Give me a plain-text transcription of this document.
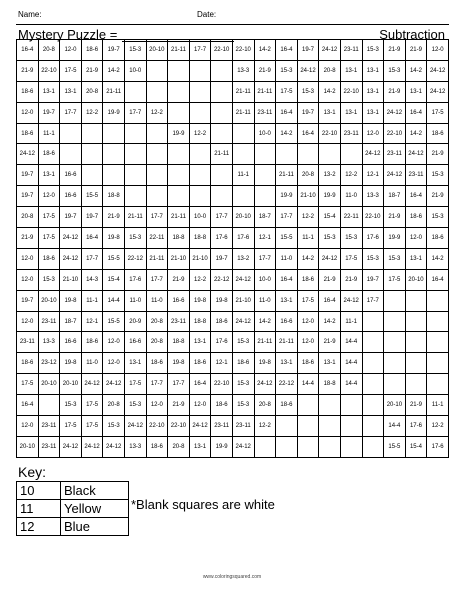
Name:	Date:
Mystery Puzzle =	Subtraction
16-4	20-8	12-0	18-6	19-7	15-3	20-10	21-11	17-7	22-10	22-10	14-2	16-4	19-7	24-12	23-11	15-3	21-9	21-9	12-0
21-9	22-10	17-5	21-9	14-2	10-0					13-3	21-9	15-3	24-12	20-8	13-1	13-1	15-3	14-2	24-12
18-6	13-1	13-1	20-8	21-11						21-11	21-11	17-5	15-3	14-2	22-10	13-1	21-9	13-1	24-12
12-0	19-7	17-7	12-2	19-9	17-7	12-2				21-11	23-11	16-4	19-7	13-1	13-1	13-1	24-12	16-4	17-5
18-6	11-1						19-9	12-2			10-0	14-2	16-4	22-10	23-11	12-0	22-10	14-2	18-6
24-12	18-6								21-11							24-12	23-11	24-12	21-9
19-7	13-1	16-6								11-1		21-11	20-8	13-2	12-2	12-1	24-12	23-11	15-3
19-7	12-0	16-6	15-5	18-8								19-9	21-10	19-9	11-0	13-3	18-7	16-4	21-9
20-8	17-5	19-7	19-7	21-9	21-11	17-7	21-11	10-0	17-7	20-10	18-7	17-7	12-2	15-4	22-11	22-10	21-9	18-6	15-3
21-9	17-5	24-12	16-4	19-8	15-3	22-11	18-8	18-8	17-6	17-6	12-1	15-5	11-1	15-3	15-3	17-6	19-9	12-0	18-6
12-0	18-6	24-12	17-7	15-5	22-12	21-11	21-10	21-10	19-7	13-2	17-7	11-0	14-2	24-12	17-5	15-3	15-3	13-1	14-2
12-0	15-3	21-10	14-3	15-4	17-6	17-7	21-9	12-2	22-12	24-12	10-0	16-4	18-6	21-9	21-9	19-7	17-5	20-10	16-4
19-7	20-10	19-8	11-1	14-4	11-0	11-0	16-6	19-8	19-8	21-10	11-0	13-1	17-5	16-4	24-12	17-7			
12-0	23-11	18-7	12-1	15-5	20-9	20-8	23-11	18-8	18-6	24-12	14-2	16-6	12-0	14-2	11-1				
23-11	13-3	16-6	18-6	12-0	16-6	20-8	18-8	13-1	17-6	15-3	21-11	21-11	12-0	21-9	14-4				
18-6	23-12	19-8	11-0	12-0	13-1	18-6	19-8	18-6	12-1	18-6	19-8	13-1	18-6	13-1	14-4				
17-5	20-10	20-10	24-12	24-12	17-5	17-7	17-7	16-4	22-10	15-3	24-12	22-12	14-4	18-8	14-4				
16-4		15-3	17-5	20-8	15-3	12-0	21-9	12-0	18-6	15-3	20-8	18-6					20-10	21-9	11-1
12-0	23-11	17-5	17-5	15-3	24-12	22-10	22-10	24-12	23-11	23-11	12-2						14-4	17-6	12-2
20-10	23-11	24-12	24-12	24-12	13-3	18-6	20-8	13-1	19-9	24-12							15-5	15-4	17-6
Key:
10	Black
11	Yellow
12	Blue
*Blank squares are white
www.coloringsquared.com
